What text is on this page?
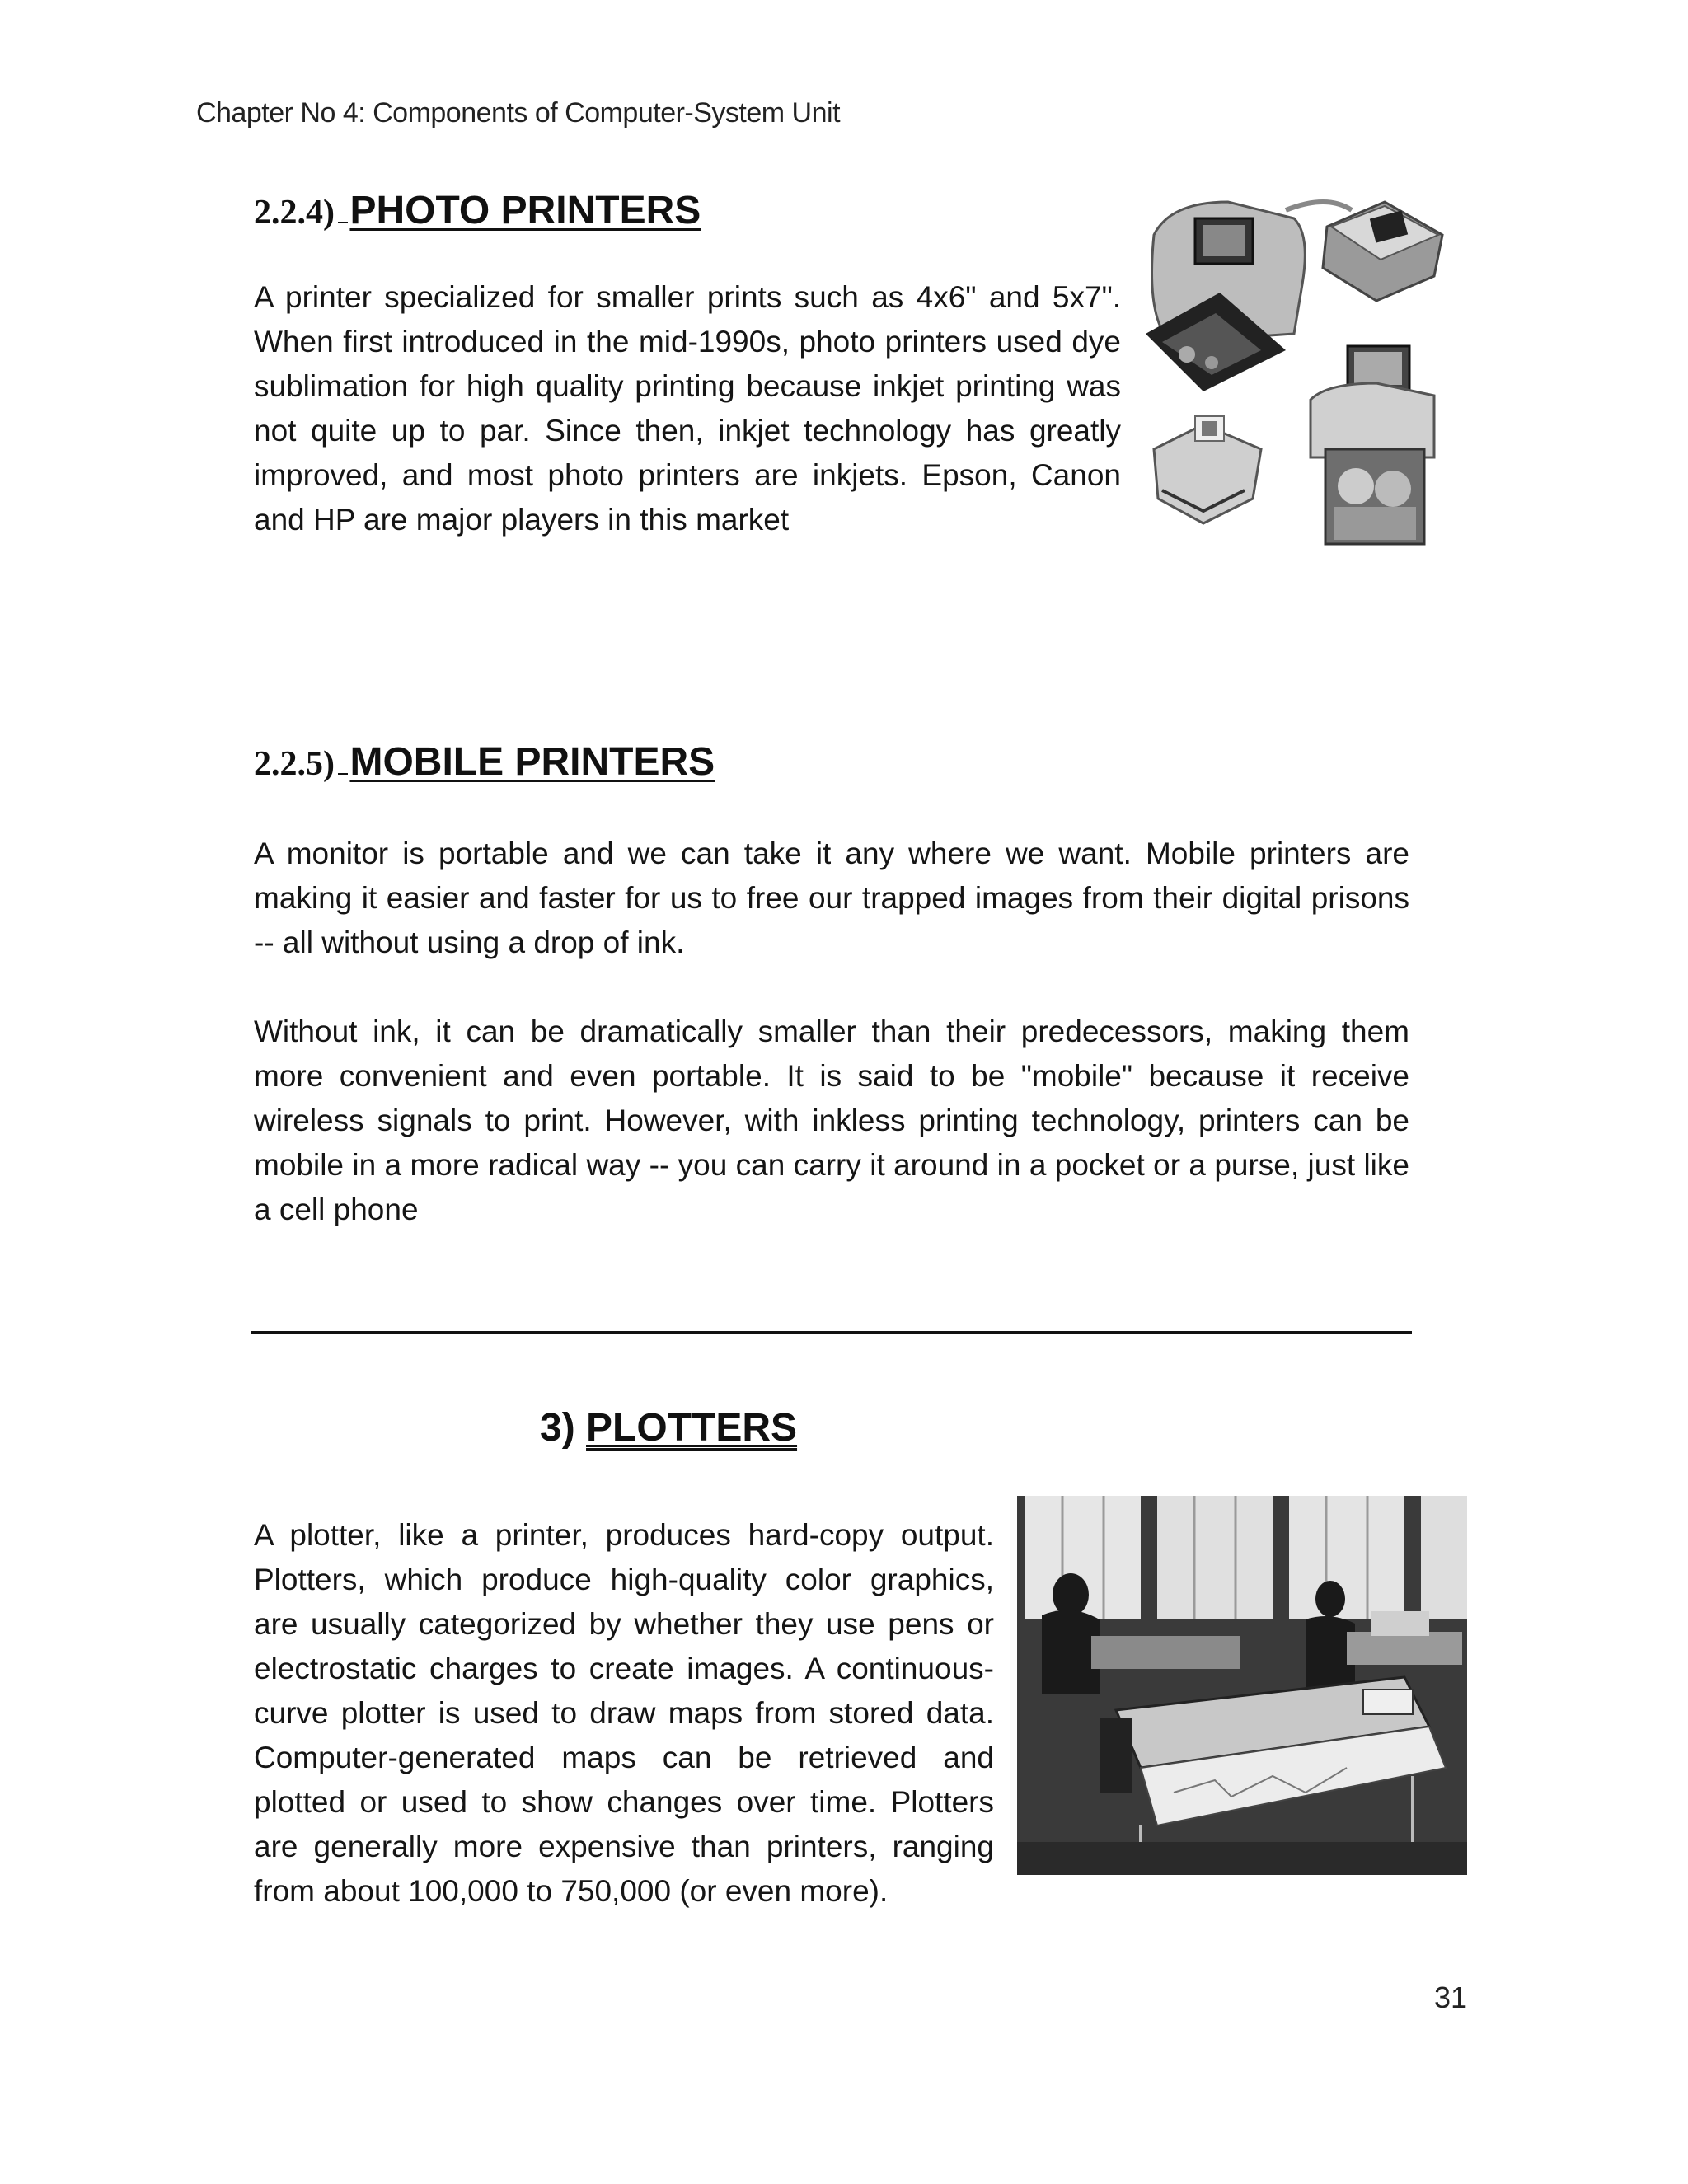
Chapter No 4: Components of Computer-System Unit
2.2.4) PHOTO PRINTERS

A printer specialized for smaller prints such as 4x6" and 5x7". When first introduced in the mid-1990s, photo printers used dye sublimation for high quality printing because inkjet printing was not quite up to par. Since then, inkjet technology has greatly improved, and most photo printers are inkjets. Epson, Canon and HP are major players in this market

2.2.5) MOBILE PRINTERS

A monitor is portable and we can take it any where we want. Mobile printers are making it easier and faster for us to free our trapped images from their digital prisons -- all without using a drop of ink.

Without ink, it can be dramatically smaller than their predecessors, making them more convenient and even portable. It is said to be "mobile" because it receive wireless signals to print. However, with inkless printing technology, printers can be mobile in a more radical way -- you can carry it around in a pocket or a purse, just like a cell phone

3) PLOTTERS

A plotter, like a printer, produces hard-copy output. Plotters, which produce high-quality color graphics, are usually categorized by whether they use pens or electrostatic charges to create images. A continuous-curve plotter is used to draw maps from stored data. Computer-generated maps can be retrieved and plotted or used to show changes over time. Plotters are generally more expensive than printers, ranging from about 100,000 to 750,000 (or even more).

31
